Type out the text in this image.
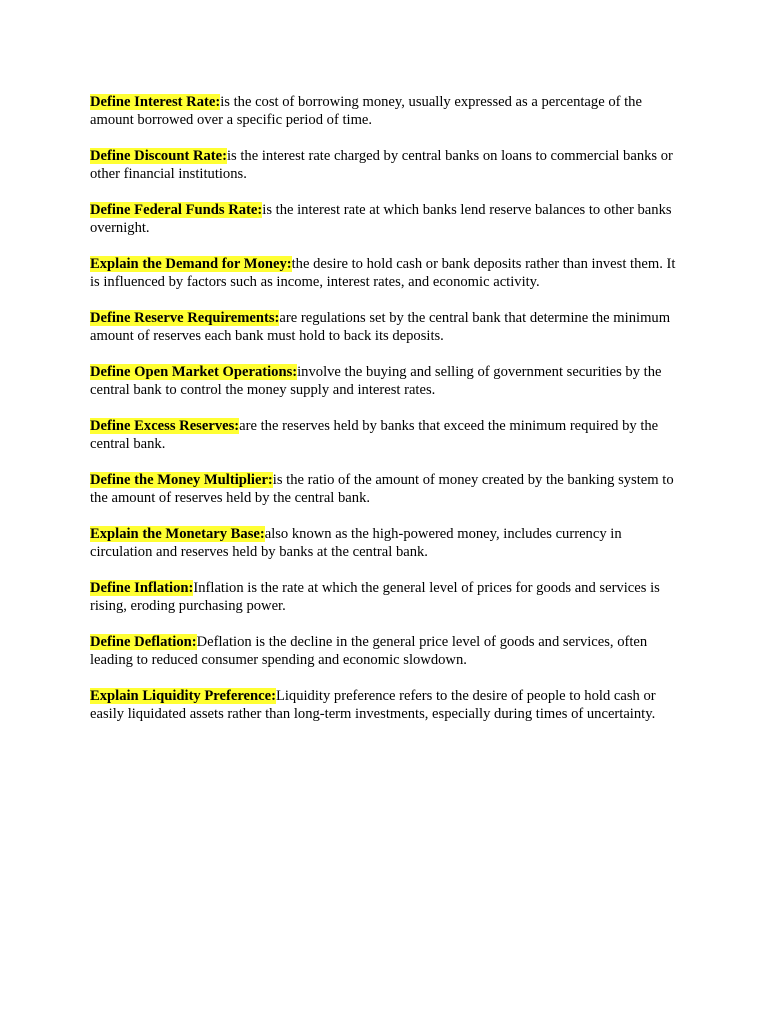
Define Interest Rate:is the cost of borrowing money, usually expressed as a percentage of the amount borrowed over a specific period of time.

Define Discount Rate:is the interest rate charged by central banks on loans to commercial banks or other financial institutions.

Define Federal Funds Rate:is the interest rate at which banks lend reserve balances to other banks overnight.

Explain the Demand for Money:the desire to hold cash or bank deposits rather than invest them. It is influenced by factors such as income, interest rates, and economic activity.

Define Reserve Requirements:are regulations set by the central bank that determine the minimum amount of reserves each bank must hold to back its deposits.

Define Open Market Operations:involve the buying and selling of government securities by the central bank to control the money supply and interest rates.

Define Excess Reserves:are the reserves held by banks that exceed the minimum required by the central bank.

Define the Money Multiplier:is the ratio of the amount of money created by the banking system to the amount of reserves held by the central bank.

Explain the Monetary Base:also known as the high-powered money, includes currency in circulation and reserves held by banks at the central bank.

Define Inflation:Inflation is the rate at which the general level of prices for goods and services is rising, eroding purchasing power.

Define Deflation:Deflation is the decline in the general price level of goods and services, often leading to reduced consumer spending and economic slowdown.

Explain Liquidity Preference:Liquidity preference refers to the desire of people to hold cash or easily liquidated assets rather than long-term investments, especially during times of uncertainty.
